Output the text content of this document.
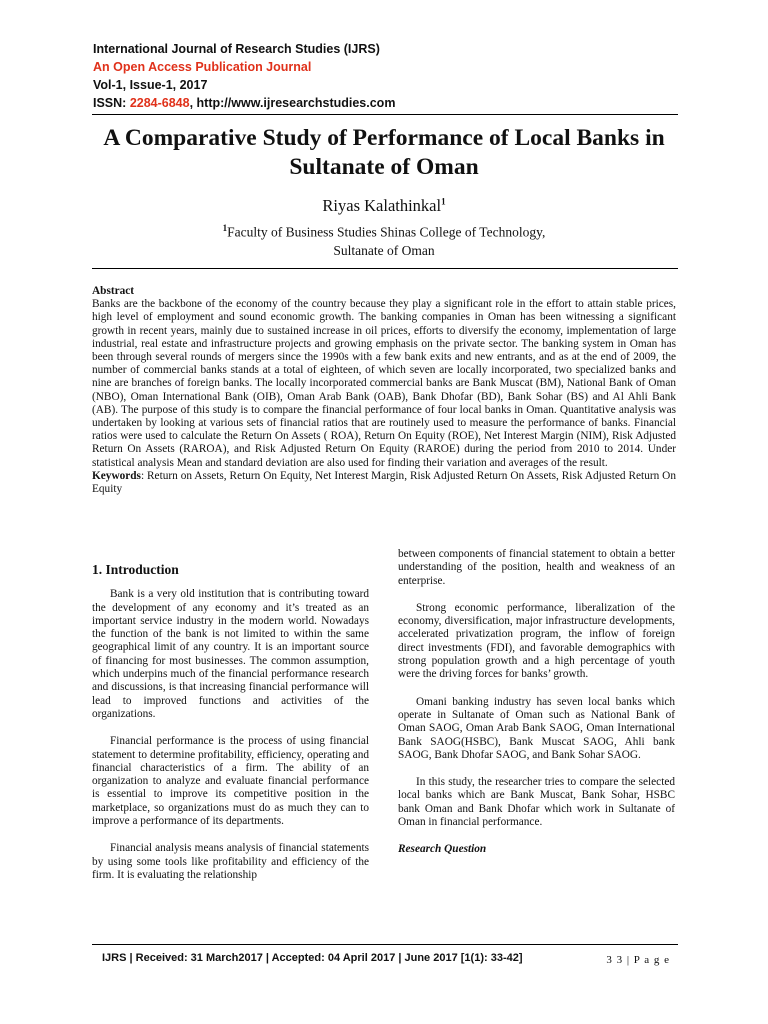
International Journal of Research Studies (IJRS)
An Open Access Publication Journal
Vol-1, Issue-1, 2017
ISSN: 2284-6848, http://www.ijresearchstudies.com
A Comparative Study of Performance of Local Banks in Sultanate of Oman
Riyas Kalathinkal$^1$
$^1$Faculty of Business Studies Shinas College of Technology,
Sultanate of Oman
Abstract
Banks are the backbone of the economy of the country because they play a significant role in the effort to attain stable prices, high level of employment and sound economic growth. The banking companies in Oman has been witnessing a significant growth in recent years, mainly due to sustained increase in oil prices, efforts to diversify the economy, implementation of large industrial, real estate and infrastructure projects and growing emphasis on the private sector. The banking system in Oman has been through several rounds of mergers since the 1990s with a few bank exits and new entrants, and as at the end of 2009, the number of commercial banks stands at a total of eighteen, of which seven are locally incorporated, two specialized banks and nine are branches of foreign banks. The locally incorporated commercial banks are Bank Muscat (BM), National Bank of Oman (NBO), Oman International Bank (OIB), Oman Arab Bank (OAB), Bank Dhofar (BD), Bank Sohar (BS) and Al Ahli Bank (AB). The purpose of this study is to compare the financial performance of four local banks in Oman. Quantitative analysis was undertaken by looking at various sets of financial ratios that are routinely used to measure the performance of banks. Financial ratios were used to calculate the Return On Assets ( ROA), Return On Equity (ROE), Net Interest Margin (NIM), Risk Adjusted Return On Assets (RAROA), and Risk Adjusted Return On Equity (RAROE) during the period from 2010 to 2014. Under statistical analysis Mean and standard deviation are also used for finding their variation and averages of the result.
Keywords: Return on Assets, Return On Equity, Net Interest Margin, Risk Adjusted Return On Assets, Risk Adjusted Return On Equity
1. Introduction

Bank is a very old institution that is contributing toward the development of any economy and it’s treated as an important service industry in the modern world. Nowadays the function of the bank is not limited to within the same geographical limit of any country. It is an important source of financing for most businesses. The common assumption, which underpins much of the financial performance research and discussions, is that increasing financial performance will lead to improved functions and activities of the organizations.

Financial performance is the process of using financial statement to determine profitability, efficiency, operating and financial characteristics of a firm. The ability of an organization to analyze and evaluate financial performance is essential to improve its competitive position in the marketplace, so organizations must do as much they can to improve a performance of its departments.

Financial analysis means analysis of financial statements by using some tools like profitability and efficiency of the firm. It is evaluating the relationship

between components of financial statement to obtain a better understanding of the position, health and weakness of an enterprise.

Strong economic performance, liberalization of the economy, diversification, major infrastructure developments, accelerated privatization program, the inflow of foreign direct investments (FDI), and favorable demographics with strong population growth and a high percentage of youth were the driving forces for banks’ growth.

Omani banking industry has seven local banks which operate in Sultanate of Oman such as National Bank of Oman SAOG, Oman Arab Bank SAOG, Oman International Bank SAOG(HSBC), Bank Muscat SAOG, Ahli bank SAOG, Bank Dhofar SAOG, and Bank Sohar SAOG.

In this study, the researcher tries to compare the selected local banks which are Bank Muscat, Bank Sohar, HSBC bank Oman and Bank Dhofar which work in Sultanate of Oman in financial performance.

Research Question

IJRS | Received: 31 March2017 | Accepted: 04 April 2017 | June 2017 [1(1): 33-42]	3 3 | P a g e
